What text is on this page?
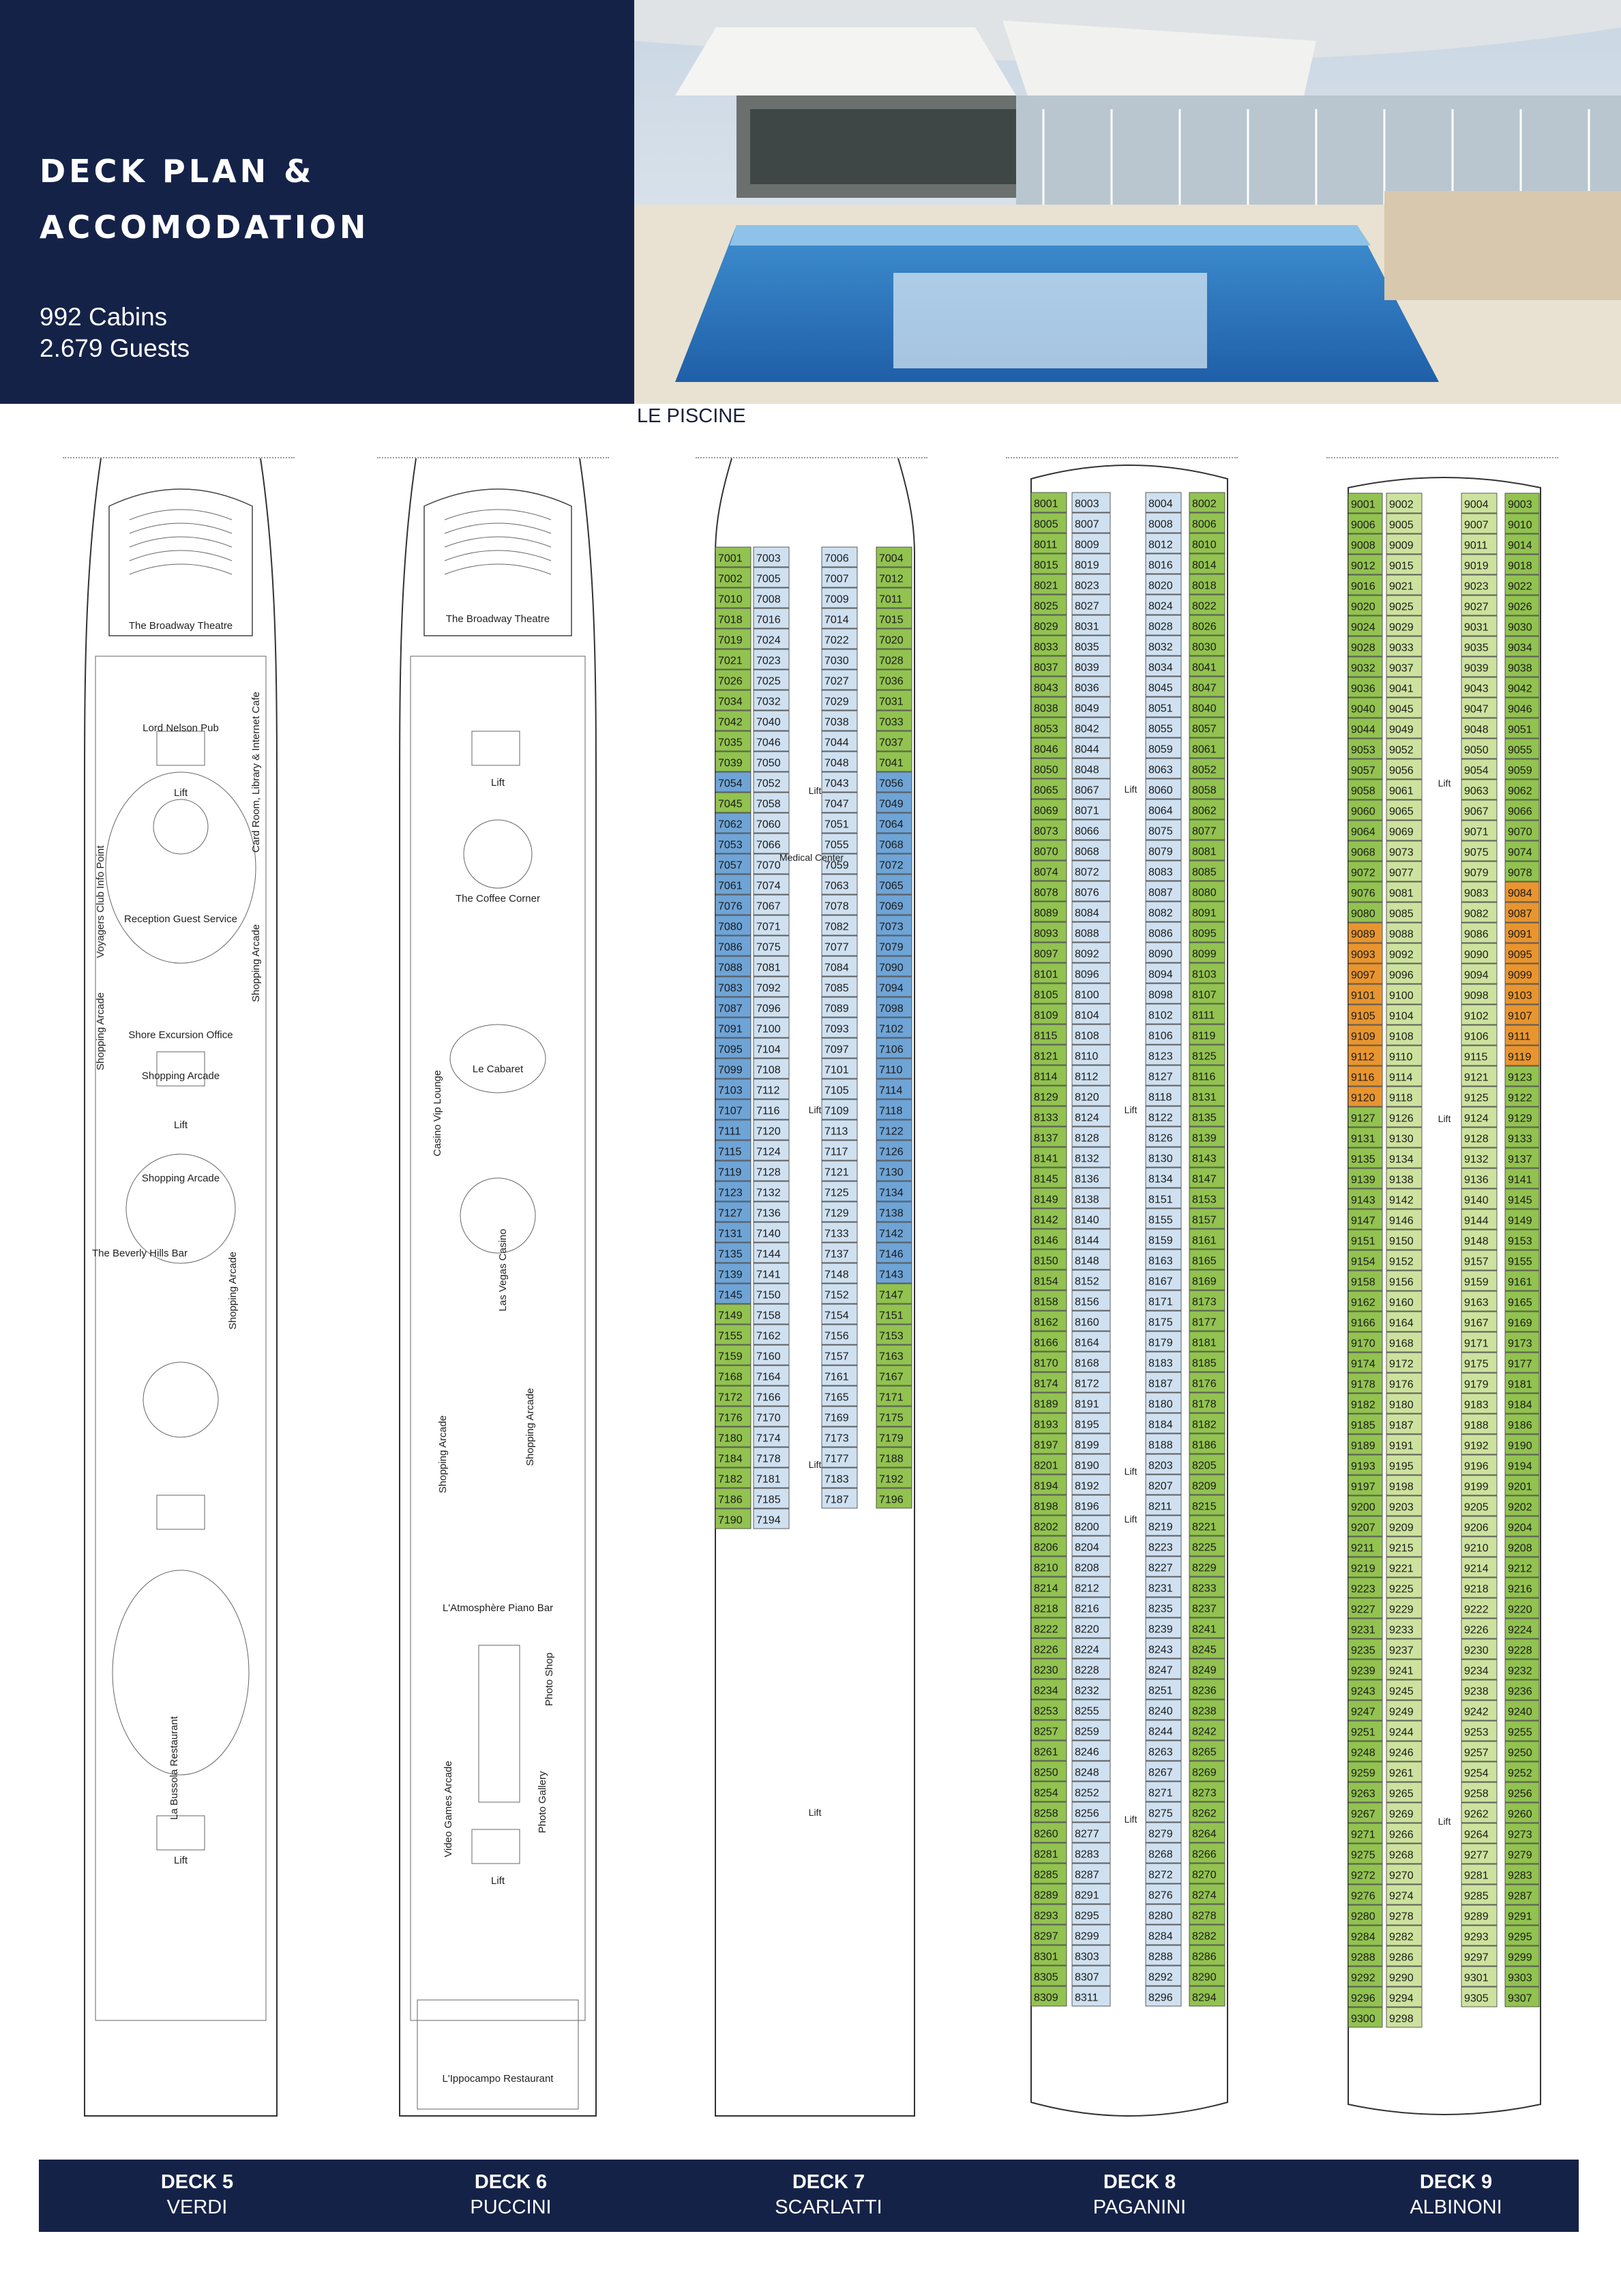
DECK PLAN &
ACCOMODATION
992 Cabins
2.679 Guests
LE PISCINE
The Broadway Theatre
Lord Nelson Pub	Card Room, Library & Internet Cafe
Lift
Voyagers Club Info Point Reception Guest Service
Shopping Arcade
Shopping Arcade Shore Excursion Office
Shopping Arcade
Lift
Shopping Arcade
The Beverly Hills Bar	Shopping Arcade
La Bussola Restaurant
Lift
The Broadway Theatre
Lift
The Coffee Corner
Le Cabaret
Casino Vip Lounge
Las Vegas Casino
Shopping Arcade	Shopping Arcade
L'Atmosphère Piano Bar
Photo Shop
Video Games Arcade	Photo Gallery
Lift
L'Ippocampo Restaurant
7001 7003	7006	7004
7002 7005	7007	7012
7010 7008	7009	7011
7018 7016	7014	7015
7019 7024	7022	7020
7021 7023	7030	7028
7026 7025	7027	7036
7034 7032	7029	7031
7042 7040	7038	7033
7035 7046	7044	7037
7039 7050	7048	7041
7054 7052	7043	7056
7045 7058	7047	7049
7062 7060	7051	7064
7053 7066	7055	7068
7057 7070	7059	7072
7061 7074	7063	7065
7076 7067	7078	7069
7080 7071	7082	7073
7086 7075	7077	7079
7088 7081	7084	7090
7083 7092	7085	7094
7087 7096	7089	7098
7091 7100	7093	7102
7095 7104	7097	7106
7099 7108	7101	7110
7103 7112	7105	7114
7107 7116	7109	7118
7111 7120	7113	7122
7115 7124	7117	7126
7119 7128	7121	7130
7123 7132	7125	7134
7127 7136	7129	7138
7131 7140	7133	7142
7135 7144	7137	7146
7139 7141	7148	7143
7145 7150	7152	7147
7149 7158	7154	7151
7155 7162	7156	7153
7159 7160	7157	7163
7168 7164	7161	7167
7172 7166	7165	7171
7176 7170	7169	7175
7180 7174	7173	7179
7184 7178	7177	7188
7182 7181	7183	7192
7186 7185	7187	7196
7190 7194
Lift
Medical Center
Lift
Lift
Lift
8001 8003	8004 8002
8005 8007	8008 8006
8011 8009	8012 8010
8015 8019	8016 8014
8021 8023	8020 8018
8025 8027	8024 8022
8029 8031	8028 8026
8033 8035	8032 8030
8037 8039	8034 8041
8043 8036	8045 8047
8038 8049	8051 8040
8053 8042	8055 8057
8046 8044	8059 8061
8050 8048	8063 8052
8065 8067	8060 8058
8069 8071	8064 8062
8073 8066	8075 8077
8070 8068	8079 8081
8074 8072	8083 8085
8078 8076	8087 8080
8089 8084	8082 8091
8093 8088	8086 8095
8097 8092	8090 8099
8101 8096	8094 8103
8105 8100	8098 8107
8109 8104	8102 8111
8115 8108	8106 8119
8121 8110	8123 8125
8114 8112	8127 8116
8129 8120	8118 8131
8133 8124	8122 8135
8137 8128	8126 8139
8141 8132	8130 8143
8145 8136	8134 8147
8149 8138	8151 8153
8142 8140	8155 8157
8146 8144	8159 8161
8150 8148	8163 8165
8154 8152	8167 8169
8158 8156	8171 8173
8162 8160	8175 8177
8166 8164	8179 8181
8170 8168	8183 8185
8174 8172	8187 8176
8189 8191	8180 8178
8193 8195	8184 8182
8197 8199	8188 8186
8201 8190	8203 8205
8194 8192	8207 8209
8198 8196	8211 8215
8202 8200	8219 8221
8206 8204	8223 8225
8210 8208	8227 8229
8214 8212	8231 8233
8218 8216	8235 8237
8222 8220	8239 8241
8226 8224	8243 8245
8230 8228	8247 8249
8234 8232	8251 8236
8253 8255	8240 8238
8257 8259	8244 8242
8261 8246	8263 8265
8250 8248	8267 8269
8254 8252	8271 8273
8258 8256	8275 8262
8260 8277	8279 8264
8281 8283	8268 8266
8285 8287	8272 8270
8289 8291	8276 8274
8293 8295	8280 8278
8297 8299	8284 8282
8301 8303	8288 8286
8305 8307	8292 8290
8309 8311	8296 8294
Lift
Lift
Lift
Lift
Lift
9001 9002	9004 9003
9006 9005	9007 9010
9008 9009	9011 9014
9012 9015	9019 9018
9016 9021	9023 9022
9020 9025	9027 9026
9024 9029	9031 9030
9028 9033	9035 9034
9032 9037	9039 9038
9036 9041	9043 9042
9040 9045	9047 9046
9044 9049	9048 9051
9053 9052	9050 9055
9057 9056	9054 9059
9058 9061	9063 9062
9060 9065	9067 9066
9064 9069	9071 9070
9068 9073	9075 9074
9072 9077	9079 9078
9076 9081	9083 9084
9080 9085	9082 9087
9089 9088	9086 9091
9093 9092	9090 9095
9097 9096	9094 9099
9101 9100	9098 9103
9105 9104	9102 9107
9109 9108	9106 9111
9112 9110	9115 9119
9116 9114	9121 9123
9120 9118	9125 9122
9127 9126	9124 9129
9131 9130	9128 9133
9135 9134	9132 9137
9139 9138	9136 9141
9143 9142	9140 9145
9147 9146	9144 9149
9151 9150	9148 9153
9154 9152	9157 9155
9158 9156	9159 9161
9162 9160	9163 9165
9166 9164	9167 9169
9170 9168	9171 9173
9174 9172	9175 9177
9178 9176	9179 9181
9182 9180	9183 9184
9185 9187	9188 9186
9189 9191	9192 9190
9193 9195	9196 9194
9197 9198	9199 9201
9200 9203	9205 9202
9207 9209	9206 9204
9211 9215	9210 9208
9219 9221	9214 9212
9223 9225	9218 9216
9227 9229	9222 9220
9231 9233	9226 9224
9235 9237	9230 9228
9239 9241	9234 9232
9243 9245	9238 9236
9247 9249	9242 9240
9251 9244	9253 9255
9248 9246	9257 9250
9259 9261	9254 9252
9263 9265	9258 9256
9267 9269	9262 9260
9271 9266	9264 9273
9275 9268	9277 9279
9272 9270	9281 9283
9276 9274	9285 9287
9280 9278	9289 9291
9284 9282	9293 9295
9288 9286	9297 9299
9292 9290	9301 9303
9296 9294	9305 9307
9300 9298
Lift
Lift
Lift
DECK 5
VERDI
DECK 6
PUCCINI
DECK 7
SCARLATTI
DECK 8
PAGANINI
DECK 9
ALBINONI
